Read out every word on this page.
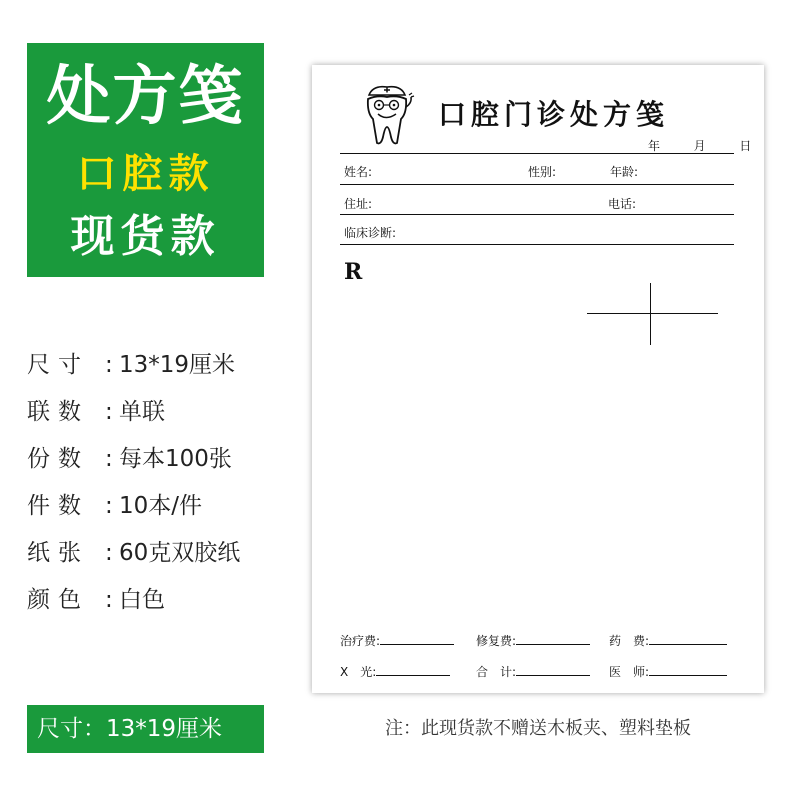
处方笺
口腔款
现货款
尺寸 : 13*19厘米
联数 : 单联
份数 : 每本100张
件数 : 10本/件
纸张 : 60克双胶纸
颜色 : 白色
尺寸：13*19厘米	注：此现货款不赠送木板夹、塑料垫板
口腔门诊处方笺
年	月	日
姓名:	性别:	年龄:
住址:	电话:
临床诊断:
R
治疗费:	修复费:	药　费:
X　光:	合　计:	医　师:
